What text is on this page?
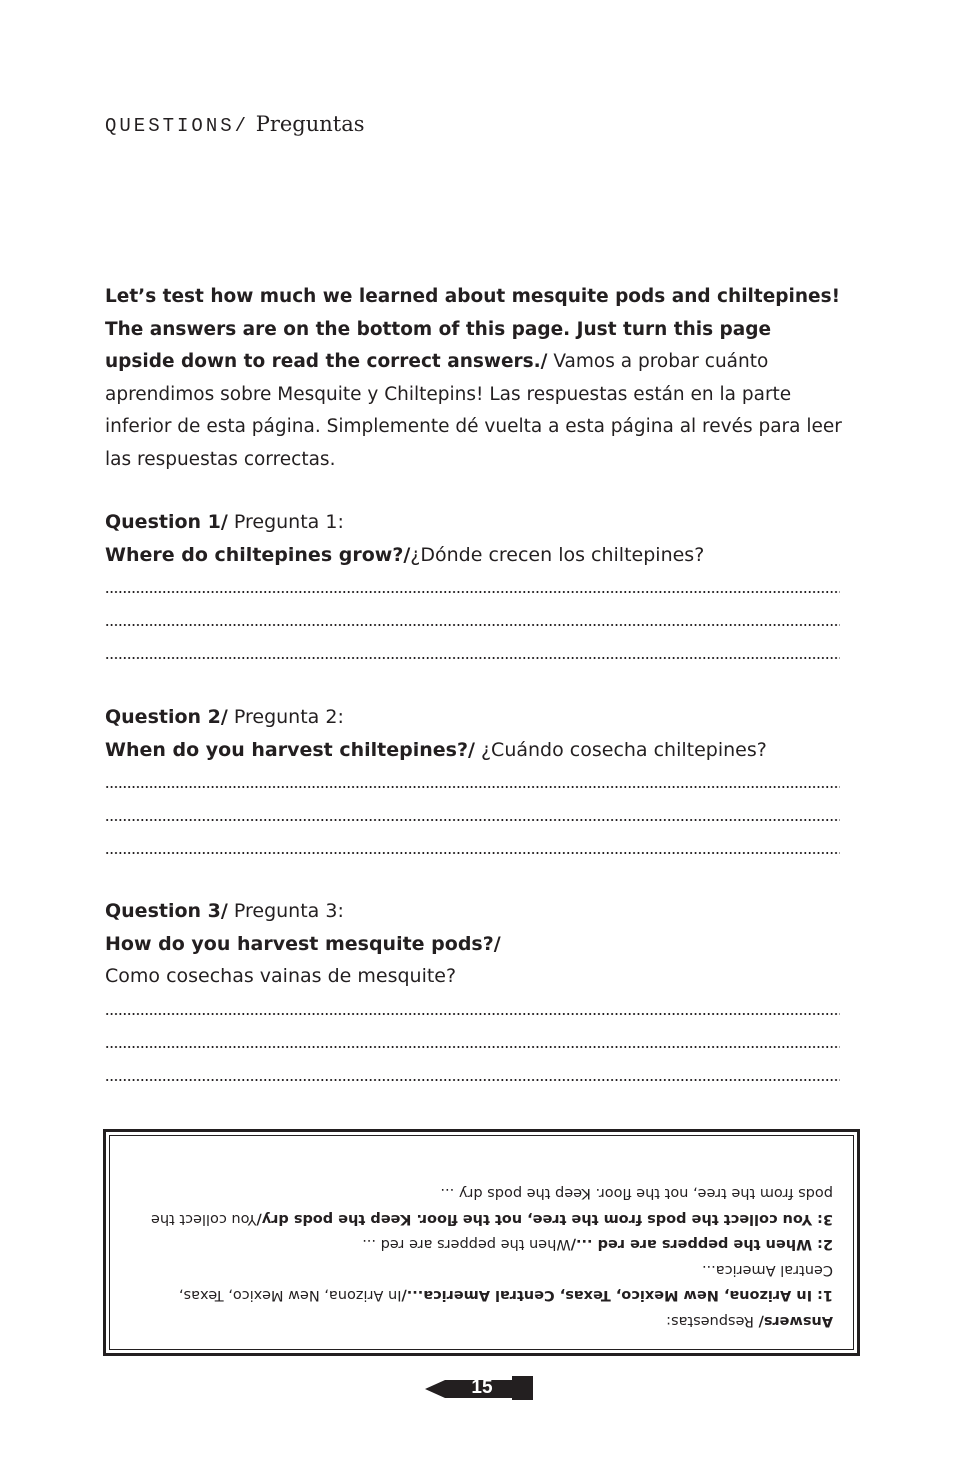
QUESTIONS/ Preguntas
Let’s test how much we learned about mesquite pods and chiltepines! The answers are on the bottom of this page. Just turn this page upside down to read the correct answers./ Vamos a probar cuánto aprendimos sobre Mesquite y Chiltepins! Las respuestas están en la parte inferior de esta página. Simplemente dé vuelta a esta página al revés para leer las respuestas correctas.
Question 1/ Pregunta 1:
Where do chiltepines grow?/¿Dónde crecen los chiltepines?
Question 2/ Pregunta 2:
When do you harvest chiltepines?/ ¿Cuándo cosecha chiltepines?
Question 3/ Pregunta 3:
How do you harvest mesquite pods?/
Como cosechas vainas de mesquite?

Answers/ Respuestas:

1: In Arizona, New Mexico, Texas, Central America.../In Arizona, New Mexico, Texas, Central America...

2: When the peppers are red .../When the peppers are red ...

3: You collect the pods from the tree, not the floor. Keep the pods dry/You collect the pods from the tree, not the floor. Keep the pods dry ...

15
